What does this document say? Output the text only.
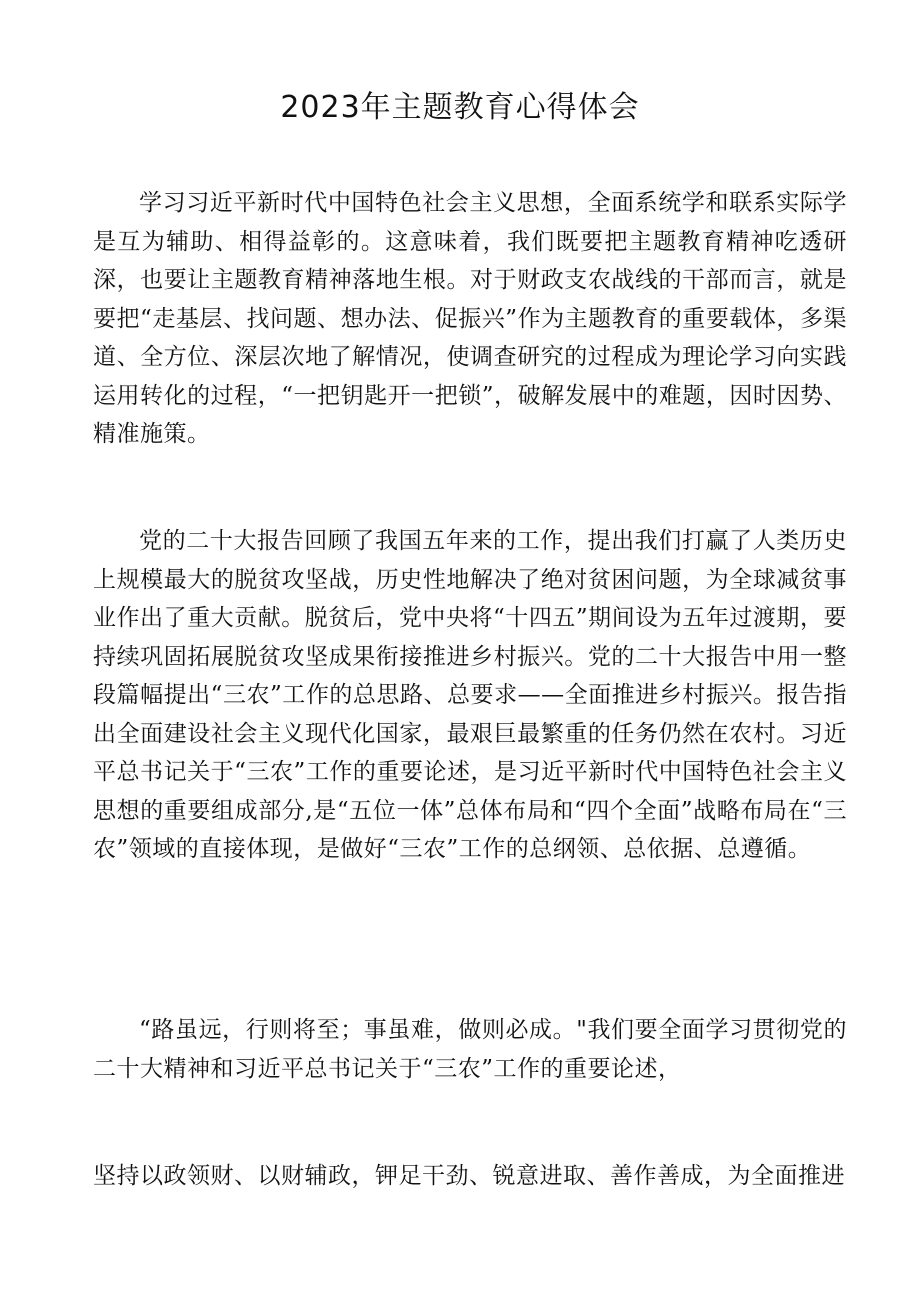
2023年主题教育心得体会

学习习近平新时代中国特色社会主义思想，全面系统学和联系实际学是互为辅助、相得益彰的。这意味着，我们既要把主题教育精神吃透研深，也要让主题教育精神落地生根。对于财政支农战线的干部而言，就是要把“走基层、找问题、想办法、促振兴”作为主题教育的重要载体，多渠道、全方位、深层次地了解情况，使调查研究的过程成为理论学习向实践运用转化的过程，“一把钥匙开一把锁”，破解发展中的难题，因时因势、精准施策。

党的二十大报告回顾了我国五年来的工作，提出我们打赢了人类历史上规模最大的脱贫攻坚战，历史性地解决了绝对贫困问题，为全球减贫事业作出了重大贡献。脱贫后，党中央将“十四五”期间设为五年过渡期，要持续巩固拓展脱贫攻坚成果衔接推进乡村振兴。党的二十大报告中用一整段篇幅提出“三农”工作的总思路、总要求——全面推进乡村振兴。报告指出全面建设社会主义现代化国家，最艰巨最繁重的任务仍然在农村。习近平总书记关于“三农”工作的重要论述，是习近平新时代中国特色社会主义思想的重要组成部分,是“五位一体”总体布局和“四个全面”战略布局在“三农”领域的直接体现，是做好“三农”工作的总纲领、总依据、总遵循。

“路虽远，行则将至；事虽难，做则必成。"我们要全面学习贯彻党的二十大精神和习近平总书记关于“三农”工作的重要论述，

坚持以政领财、以财辅政，钾足干劲、锐意进取、善作善成，为全面推进
